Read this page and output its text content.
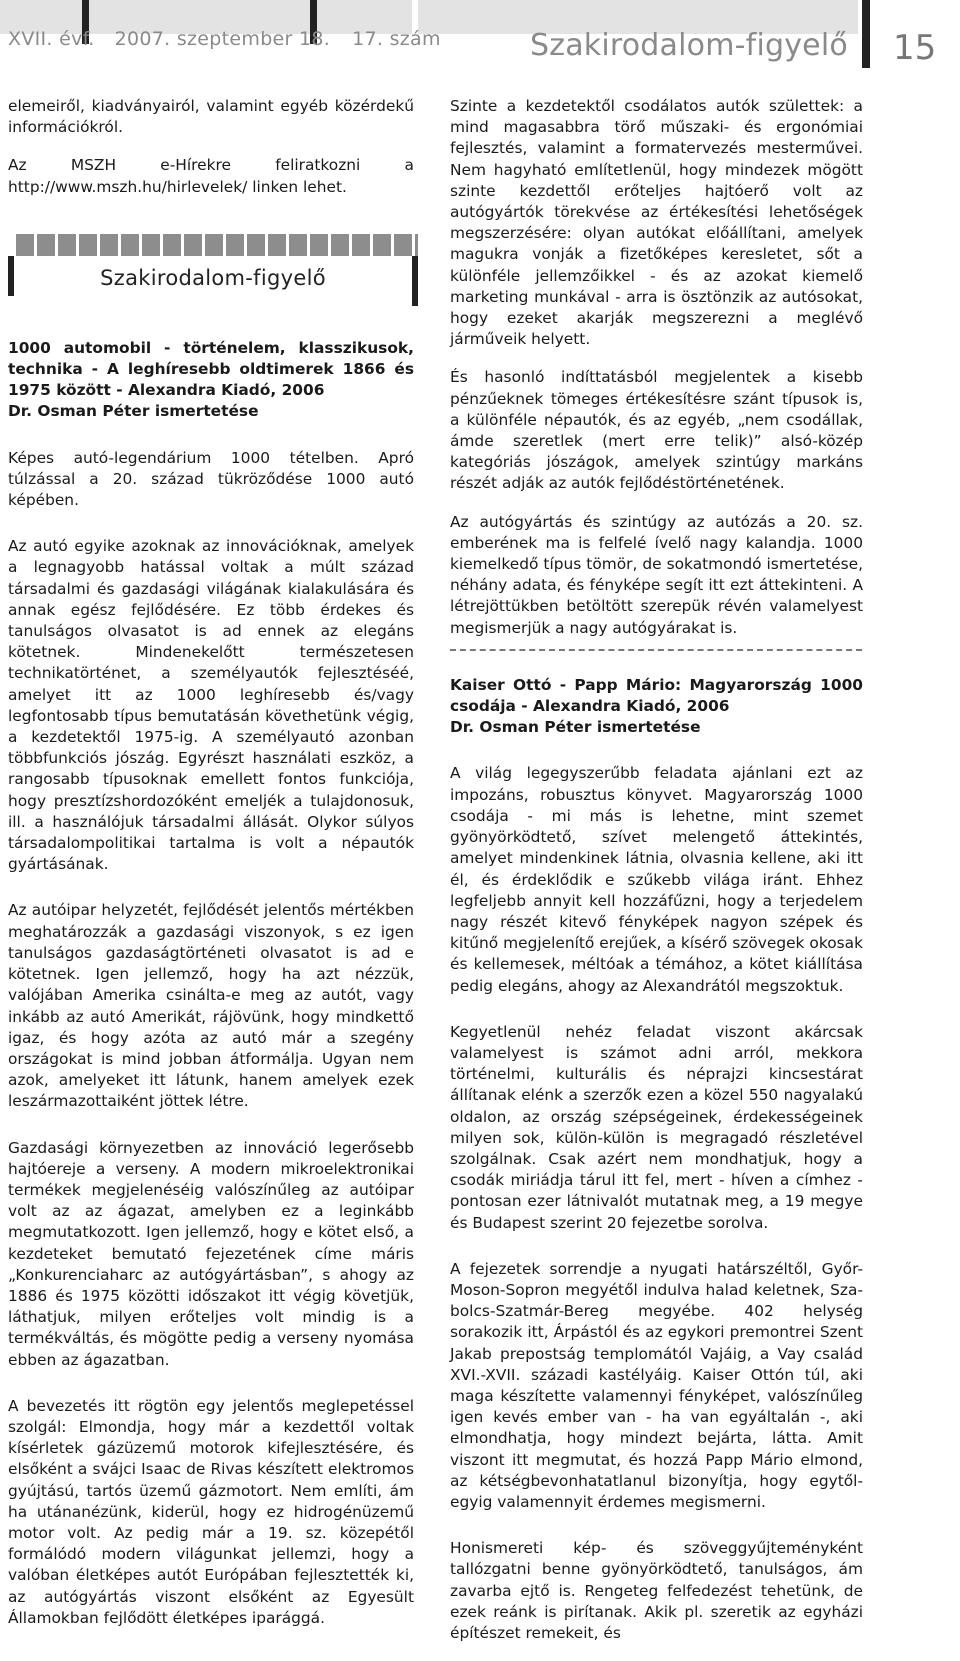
XVII. évf. 2007. szeptember 18. 17. szám	Szakirodalom-figyelő 15

elemeiről, kiadványairól, valamint egyéb közérdekű információkról.

Az MSZH e-Hírekre feliratkozni a http://www.mszh.hu/hirlevelek/ linken lehet.

Szakirodalom-figyelő

1000 automobil - történelem, klasszikusok, technika - A leghíresebb oldtimerek 1866 és 1975 között - Alexandra Kiadó, 2006

Dr. Osman Péter ismertetése

Képes autó-legendárium 1000 tételben. Apró túlzással a 20. század tükröződése 1000 autó képében.

Az autó egyike azoknak az innovációknak, amelyek a legnagyobb hatással voltak a múlt század társadalmi és gazdasági világának kialakulására és annak egész fejlődésére. Ez több érdekes és tanulságos olvasatot is ad ennek az elegáns kötetnek. Mindenekelőtt természetesen technikatörténet, a személyautók fejlesztéséé, amelyet itt az 1000 leghíresebb és/vagy legfontosabb típus bemutatásán követhetünk végig, a kezdetektől 1975-ig. A személyautó azonban többfunkciós jószág. Egyrészt használati eszköz, a rangosabb típusoknak emellett fontos funkciója, hogy presztízshordozóként emeljék a tulajdonosuk, ill. a használójuk társadalmi állását. Olykor súlyos társadalompolitikai tartalma is volt a népautók gyártásának.

Az autóipar helyzetét, fejlődését jelentős mértékben meghatározzák a gazdasági viszonyok, s ez igen tanulságos gazdaságtörténeti olvasatot is ad e kötetnek. Igen jellemző, hogy ha azt nézzük, valójában Amerika csinálta-e meg az autót, vagy inkább az autó Amerikát, rájövünk, hogy mindkettő igaz, és hogy azóta az autó már a szegény országokat is mind jobban átformálja. Ugyan nem azok, amelyeket itt látunk, hanem amelyek ezek leszármazottaiként jöttek létre.

Gazdasági környezetben az innováció legerősebb hajtóereje a verseny. A modern mikroelektronikai termékek megjelenéséig valószínűleg az autóipar volt az az ágazat, amelyben ez a leginkább megmutatkozott. Igen jellemző, hogy e kötet első, a kezdeteket bemutató fejezetének címe máris „Konkurenciaharc az autógyártásban”, s ahogy az 1886 és 1975 közötti időszakot itt végig követjük, láthatjuk, milyen erőteljes volt mindig is a termékváltás, és mögötte pedig a verseny nyomása ebben az ágazatban.

A bevezetés itt rögtön egy jelentős meglepetéssel szolgál: Elmondja, hogy már a kezdettől voltak kísérletek gázüzemű motorok kifejlesztésére, és elsőként a svájci Isaac de Rivas készített elektromos gyújtású, tartós üzemű gázmotort. Nem említi, ám ha utánanézünk, kiderül, hogy ez hidrogénüzemű motor volt. Az pedig már a 19. sz. közepétől formálódó modern világunkat jellemzi, hogy a valóban életképes autót Európában fejlesztették ki, az autógyártás viszont elsőként az Egyesült Államokban fejlődött életképes iparággá.

Szinte a kezdetektől csodálatos autók születtek: a mind magasabbra törő műszaki- és ergonómiai fejlesztés, valamint a formatervezés mesterművei. Nem hagyható említetlenül, hogy mindezek mögött szinte kezdettől erőteljes hajtóerő volt az autógyártók törekvése az értékesítési lehetőségek megszerzésére: olyan autókat előállítani, amelyek magukra vonják a fizetőképes keresletet, sőt a különféle jellemzőikkel - és az azokat kiemelő marketing munkával - arra is ösztönzik az autósokat, hogy ezeket akarják megszerezni a meglévő járműveik helyett.

És hasonló indíttatásból megjelentek a kisebb pénzűeknek tömeges értékesítésre szánt típusok is, a különféle népautók, és az egyéb, „nem csodállak, ámde szeretlek (mert erre telik)” alsó-közép kategóriás jószágok, amelyek szintúgy markáns részét adják az autók fejlődéstörténetének.

Az autógyártás és szintúgy az autózás a 20. sz. emberének ma is felfelé ívelő nagy kalandja. 1000 kiemelkedő típus tömör, de sokatmondó ismertetése, néhány adata, és fényképe segít itt ezt áttekinteni. A létrejöttükben betöltött szerepük révén valamelyest megismerjük a nagy autógyárakat is.

Kaiser Ottó - Papp Mário: Magyarország 1000 csodája - Alexandra Kiadó, 2006

Dr. Osman Péter ismertetése

A világ legegyszerűbb feladata ajánlani ezt az impozáns, robusztus könyvet. Magyarország 1000 csodája - mi más is lehetne, mint szemet gyönyörködtető, szívet melengető áttekintés, amelyet mindenkinek látnia, olvasnia kellene, aki itt él, és érdeklődik e szűkebb világa iránt. Ehhez legfeljebb annyit kell hozzáfűzni, hogy a terjedelem nagy részét kitevő fényképek nagyon szépek és kitűnő megjelenítő erejűek, a kísérő szövegek okosak és kellemesek, méltóak a témához, a kötet kiállítása pedig elegáns, ahogy az Alexandrától megszoktuk.

Kegyetlenül nehéz feladat viszont akárcsak valamelyest is számot adni arról, mekkora történelmi, kulturális és néprajzi kincsestárat állítanak elénk a szerzők ezen a közel 550 nagyalakú oldalon, az ország szépségeinek, érdekességeinek milyen sok, külön-külön is megragadó részletével szolgálnak. Csak azért nem mondhatjuk, hogy a csodák miriádja tárul itt fel, mert - híven a címhez - pontosan ezer látnivalót mutatnak meg, a 19 megye és Budapest szerint 20 fejezetbe sorolva.

A fejezetek sorrendje a nyugati határszéltől, Győr-Moson-Sopron megyétől indulva halad keletnek, Szabolcs-Szatmár-Bereg megyébe. 402 helység sorakozik itt, Árpástól és az egykori premontrei Szent Jakab prepostság templomától Vajáig, a Vay család XVI.-XVII. századi kastélyáig. Kaiser Ottón túl, aki maga készítette valamennyi fényképet, valószínűleg igen kevés ember van - ha van egyáltalán -, aki elmondhatja, hogy mindezt bejárta, látta. Amit viszont itt megmutat, és hozzá Papp Mário elmond, az kétségbevonhatatlanul bizonyítja, hogy egytől-egyig valamennyit érdemes megismerni.

Honismereti kép- és szöveggyűjteményként tallózgatni benne gyönyörködtető, tanulságos, ám zavarba ejtő is. Rengeteg felfedezést tehetünk, de ezek reánk is pirítanak. Akik pl. szeretik az egyházi építészet remekeit, és
